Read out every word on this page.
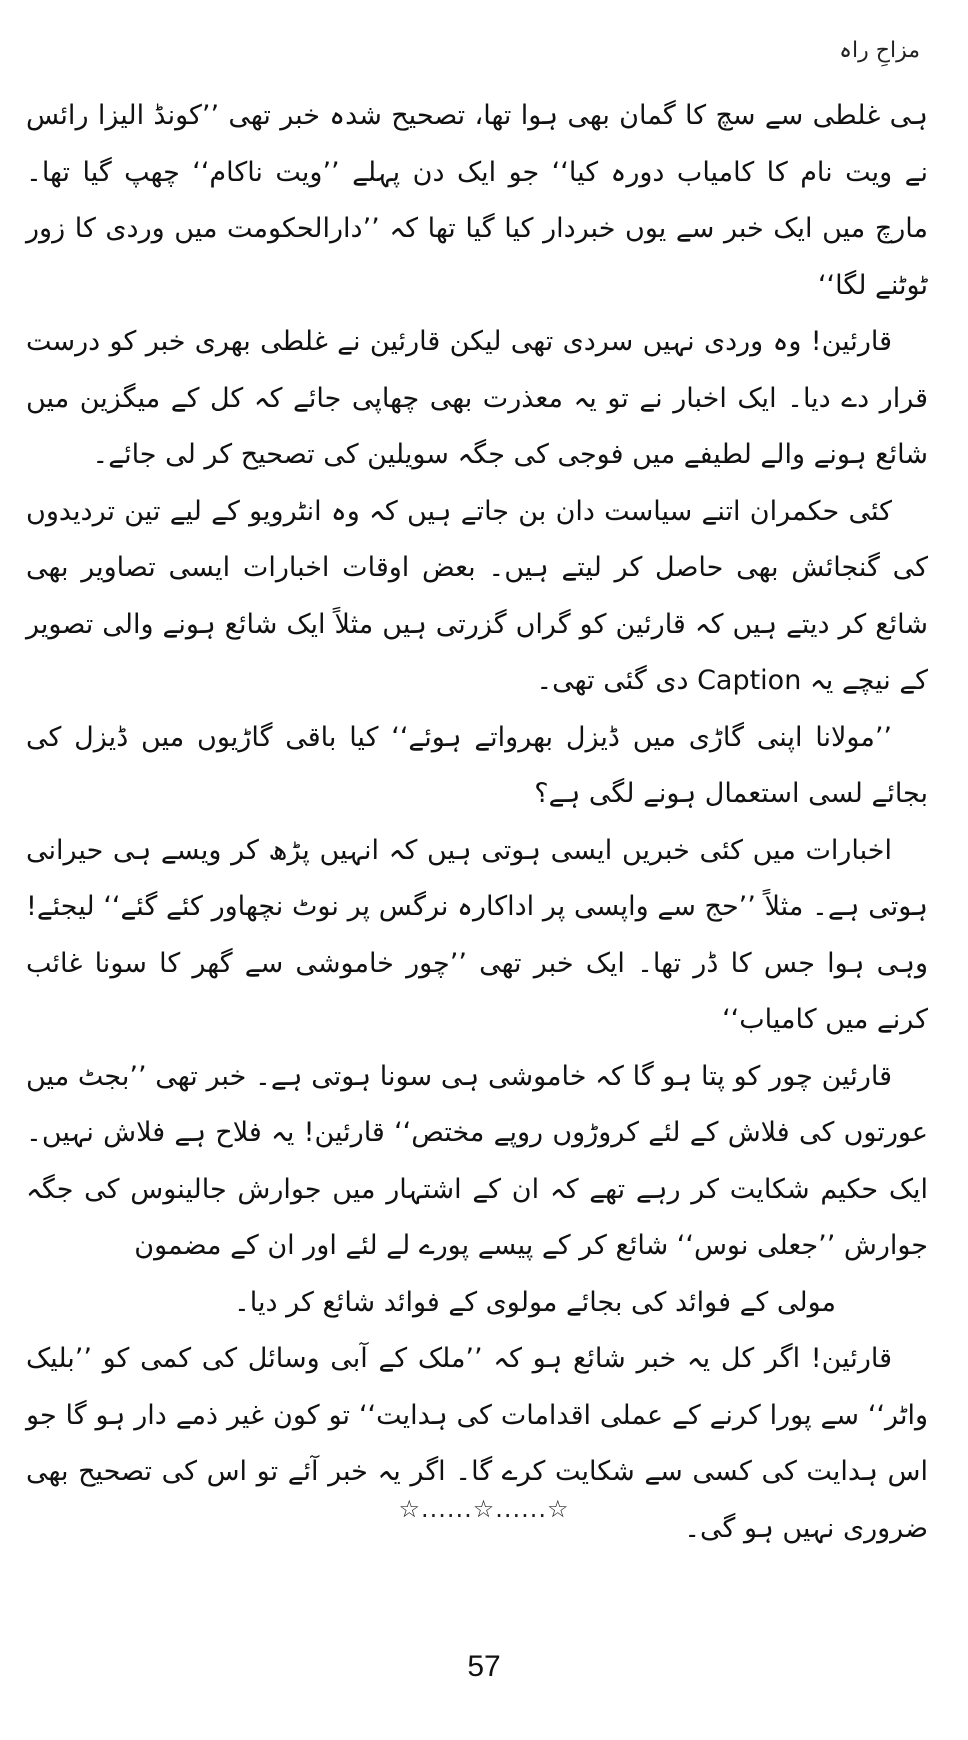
مزاحِ راہ

ہی غلطی سے سچ کا گمان بھی ہوا تھا، تصحیح شدہ خبر تھی ’’کونڈ الیزا رائس نے ویت نام کا کامیاب دورہ کیا‘‘ جو ایک دن پہلے ’’ویت ناکام‘‘ چھپ گیا تھا۔ مارچ میں ایک خبر سے یوں خبردار کیا گیا تھا کہ ’’دارالحکومت میں وردی کا زور ٹوٹنے لگا‘‘

قارئین! وہ وردی نہیں سردی تھی لیکن قارئین نے غلطی بھری خبر کو درست قرار دے دیا۔ ایک اخبار نے تو یہ معذرت بھی چھاپی جائے کہ کل کے میگزین میں شائع ہونے والے لطیفے میں فوجی کی جگہ سویلین کی تصحیح کر لی جائے۔

کئی حکمران اتنے سیاست دان بن جاتے ہیں کہ وہ انٹرویو کے لیے تین تردیدوں کی گنجائش بھی حاصل کر لیتے ہیں۔ بعض اوقات اخبارات ایسی تصاویر بھی شائع کر دیتے ہیں کہ قارئین کو گراں گزرتی ہیں مثلاً ایک شائع ہونے والی تصویر کے نیچے یہ Caption دی گئی تھی۔

’’مولانا اپنی گاڑی میں ڈیزل بھرواتے ہوئے‘‘ کیا باقی گاڑیوں میں ڈیزل کی بجائے لسی استعمال ہونے لگی ہے؟

اخبارات میں کئی خبریں ایسی ہوتی ہیں کہ انہیں پڑھ کر ویسے ہی حیرانی ہوتی ہے۔ مثلاً ’’حج سے واپسی پر اداکارہ نرگس پر نوٹ نچھاور کئے گئے‘‘ لیجئے! وہی ہوا جس کا ڈر تھا۔ ایک خبر تھی ’’چور خاموشی سے گھر کا سونا غائب کرنے میں کامیاب‘‘

قارئین چور کو پتا ہو گا کہ خاموشی ہی سونا ہوتی ہے۔ خبر تھی ’’بجٹ میں عورتوں کی فلاش کے لئے کروڑوں روپے مختص‘‘ قارئین! یہ فلاح ہے فلاش نہیں۔ ایک حکیم شکایت کر رہے تھے کہ ان کے اشتہار میں جوارش جالینوس کی جگہ جوارش ’’جعلی نوس‘‘ شائع کر کے پیسے پورے لے لئے اور ان کے مضمون

مولی کے فوائد کی بجائے مولوی کے فوائد شائع کر دیا۔

قارئین! اگر کل یہ خبر شائع ہو کہ ’’ملک کے آبی وسائل کی کمی کو ’’بلیک واٹر‘‘ سے پورا کرنے کے عملی اقدامات کی ہدایت‘‘ تو کون غیر ذمے دار ہو گا جو اس ہدایت کی کسی سے شکایت کرے گا۔ اگر یہ خبر آئے تو اس کی تصحیح بھی ضروری نہیں ہو گی۔

☆......☆......☆
57
